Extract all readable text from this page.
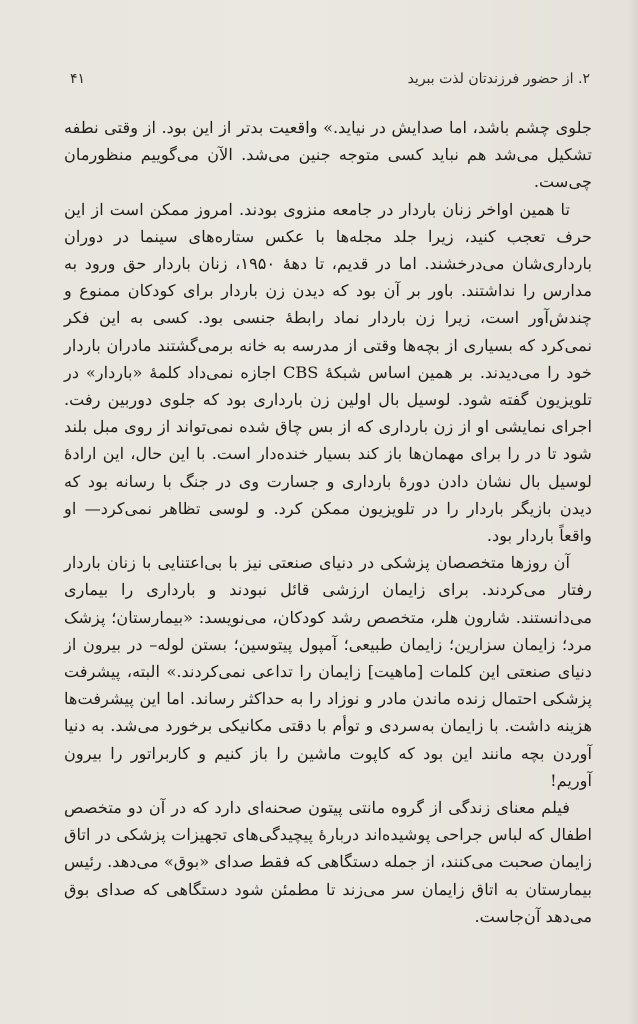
۲. از حضور فرزندتان لذت ببرید
۴۱

جلوی چشم باشد، اما صدایش در نیاید.» واقعیت بدتر از این بود. از وقتی نطفه تشکیل می‌شد هم نباید کسی متوجه جنین می‌شد. الآن می‌گوییم منظورمان چی‌ست.

تا همین اواخر زنان باردار در جامعه منزوی بودند. امروز ممکن است از این حرف تعجب کنید، زیرا جلد مجله‌ها با عکس ستاره‌های سینما در دوران بارداری‌شان می‌درخشند. اما در قدیم، تا دههٔ ۱۹۵۰، زنان باردار حق ورود به مدارس را نداشتند. باور بر آن بود که دیدن زن باردار برای کودکان ممنوع و چندش‌آور است، زیرا زن باردار نماد رابطهٔ جنسی بود. کسی به این فکر نمی‌کرد که بسیاری از بچه‌ها وقتی از مدرسه به خانه برمی‌گشتند مادران باردار خود را می‌دیدند. بر همین اساس شبکهٔ CBS اجازه نمی‌داد کلمهٔ «باردار» در تلویزیون گفته شود. لوسیل بال اولین زن بارداری بود که جلوی دوربین رفت. اجرای نمایشی او از زن بارداری که از بس چاق شده نمی‌تواند از روی مبل بلند شود تا در را برای مهمان‌ها باز کند بسیار خنده‌دار است. با این حال، این ارادهٔ لوسیل بال نشان دادن دورهٔ بارداری و جسارت وی در جنگ با رسانه بود که دیدن بازیگر باردار را در تلویزیون ممکن کرد. و لوسی تظاهر نمی‌کرد— او واقعاً باردار بود.

آن روزها متخصصان پزشکی در دنیای صنعتی نیز با بی‌اعتنایی با زنان باردار رفتار می‌کردند. برای زایمان ارزشی قائل نبودند و بارداری را بیماری می‌دانستند. شارون هلر، متخصص رشد کودکان، می‌نویسد: «بیمارستان؛ پزشک مرد؛ زایمان سزارین؛ زایمان طبیعی؛ آمپول پیتوسین؛ بستن لوله– در بیرون از دنیای صنعتی این کلمات [ماهیت] زایمان را تداعی نمی‌کردند.» البته، پیشرفت پزشکی احتمال زنده ماندن مادر و نوزاد را به حداکثر رساند. اما این پیشرفت‌ها هزینه داشت. با زایمان به‌سردی و توأم با دقتی مکانیکی برخورد می‌شد. به دنیا آوردن بچه مانند این بود که کاپوت ماشین را باز کنیم و کاربراتور را بیرون آوریم!

فیلم معنای زندگی از گروه مانتی پیتون صحنه‌ای دارد که در آن دو متخصص اطفال که لباس جراحی پوشیده‌اند دربارهٔ پیچیدگی‌های تجهیزات پزشکی در اتاق زایمان صحبت می‌کنند، از جمله دستگاهی که فقط صدای «بوق» می‌دهد. رئیس بیمارستان به اتاق زایمان سر می‌زند تا مطمئن شود دستگاهی که صدای بوق می‌دهد آن‌جاست.
